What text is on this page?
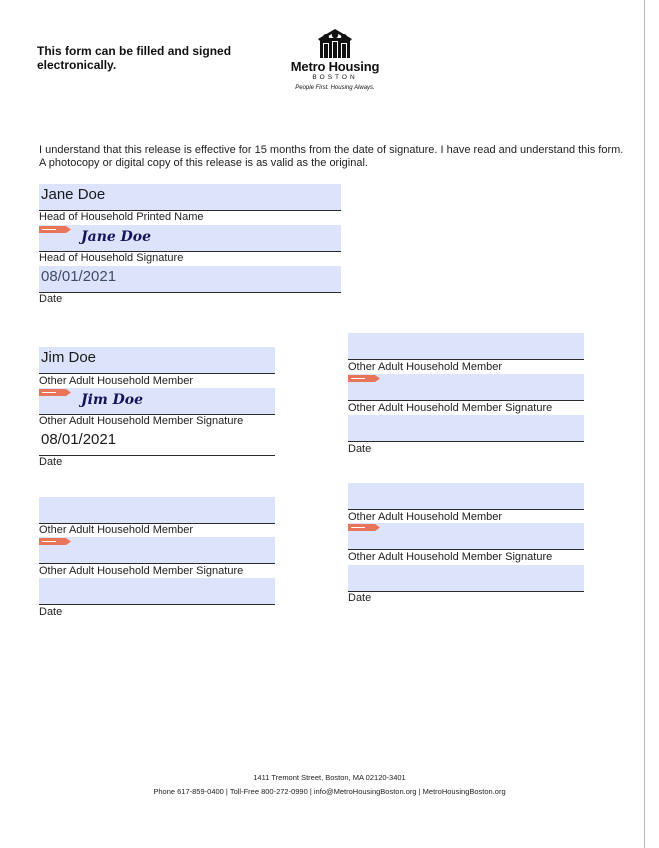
This form can be filled and signed
electronically.	Metro Housing
BOSTON
People First. Housing Always.
I understand that this release is effective for 15 months from the date of signature. I have read and understand this form. A photocopy or digital copy of this release is as valid as the original.
Jane Doe
Head of Household Printed Name
Jane Doe
Head of Household Signature
08/01/2021
Date
Jim Doe
Other Adult Household Member
Jim Doe
Other Adult Household Member Signature
08/01/2021
Date
Other Adult Household Member
Other Adult Household Member Signature
Date
Other Adult Household Member
Other Adult Household Member Signature
Date
Other Adult Household Member
Other Adult Household Member Signature
Date
1411 Tremont Street, Boston, MA 02120-3401
Phone 617-859-0400 | Toll-Free 800-272-0990 | info@MetroHousingBoston.org | MetroHousingBoston.org
